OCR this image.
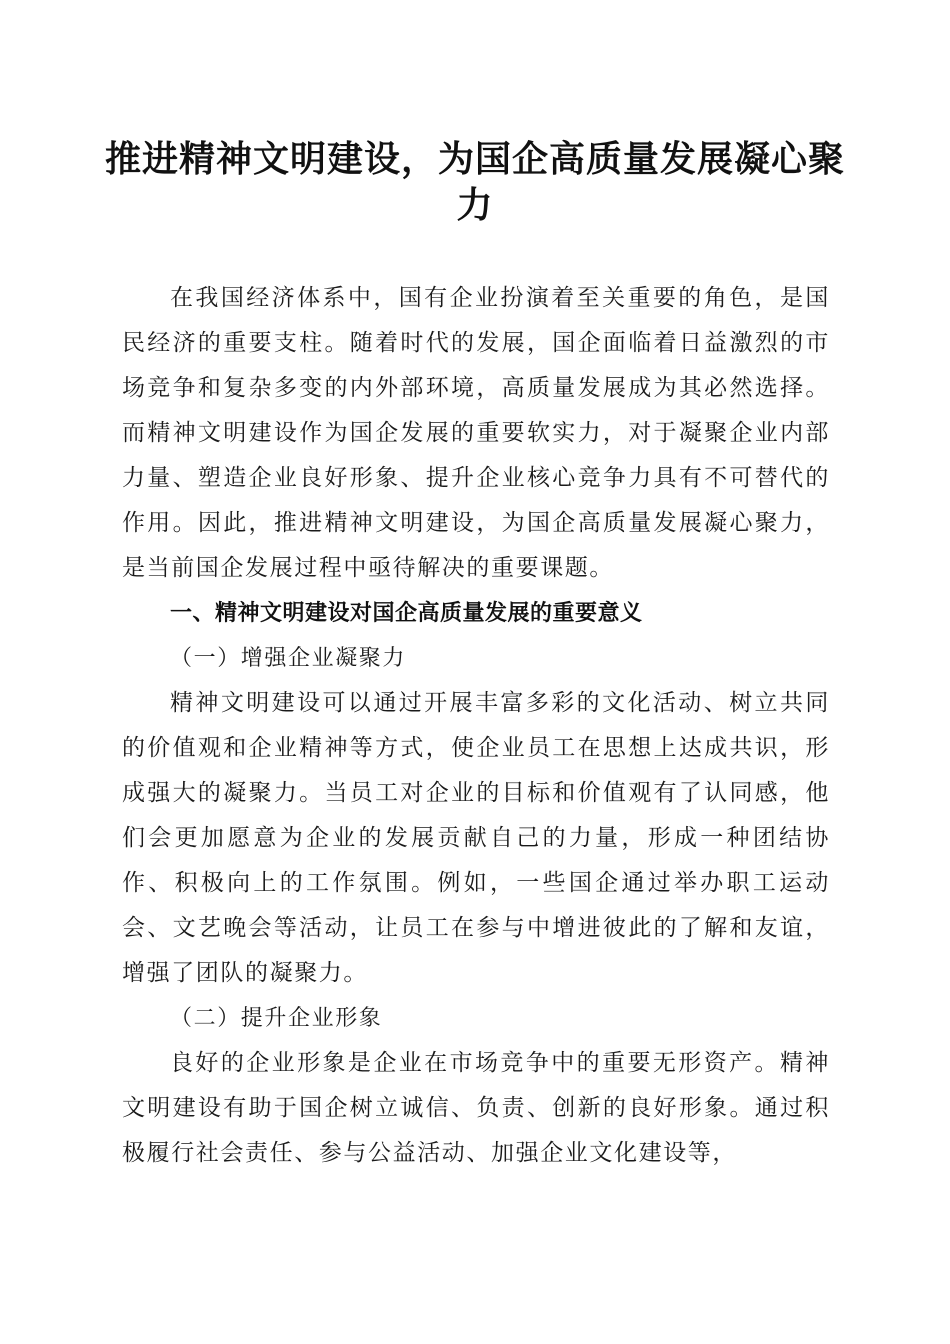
推进精神文明建设，为国企高质量发展凝心聚力

在我国经济体系中，国有企业扮演着至关重要的角色，是国民经济的重要支柱。随着时代的发展，国企面临着日益激烈的市场竞争和复杂多变的内外部环境，高质量发展成为其必然选择。而精神文明建设作为国企发展的重要软实力，对于凝聚企业内部力量、塑造企业良好形象、提升企业核心竞争力具有不可替代的作用。因此，推进精神文明建设，为国企高质量发展凝心聚力，是当前国企发展过程中亟待解决的重要课题。

一、精神文明建设对国企高质量发展的重要意义

（一）增强企业凝聚力

精神文明建设可以通过开展丰富多彩的文化活动、树立共同的价值观和企业精神等方式，使企业员工在思想上达成共识，形成强大的凝聚力。当员工对企业的目标和价值观有了认同感，他们会更加愿意为企业的发展贡献自己的力量，形成一种团结协作、积极向上的工作氛围。例如，一些国企通过举办职工运动会、文艺晚会等活动，让员工在参与中增进彼此的了解和友谊，增强了团队的凝聚力。

（二）提升企业形象

良好的企业形象是企业在市场竞争中的重要无形资产。精神文明建设有助于国企树立诚信、负责、创新的良好形象。通过积极履行社会责任、参与公益活动、加强企业文化建设等，
